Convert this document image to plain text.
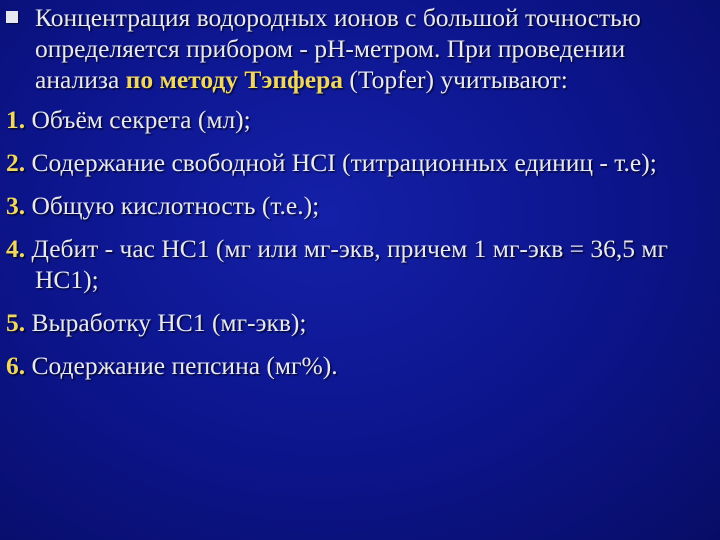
Концентрация водородных ионов с большой точностью определяется прибором - pH-метром. При проведении анализа по методу Тэпфера (Topfer) учитывают:

1. Объём секрета (мл);

2. Содержание свободной HCI (титрационных единиц - т.е);

3. Общую кислотность (т.е.);

4. Дебит - час НС1 (мг или мг-экв, причем 1 мг-экв = 36,5 мг НС1);

5. Выработку НС1 (мг-экв);

6. Содержание пепсина (мг%).
